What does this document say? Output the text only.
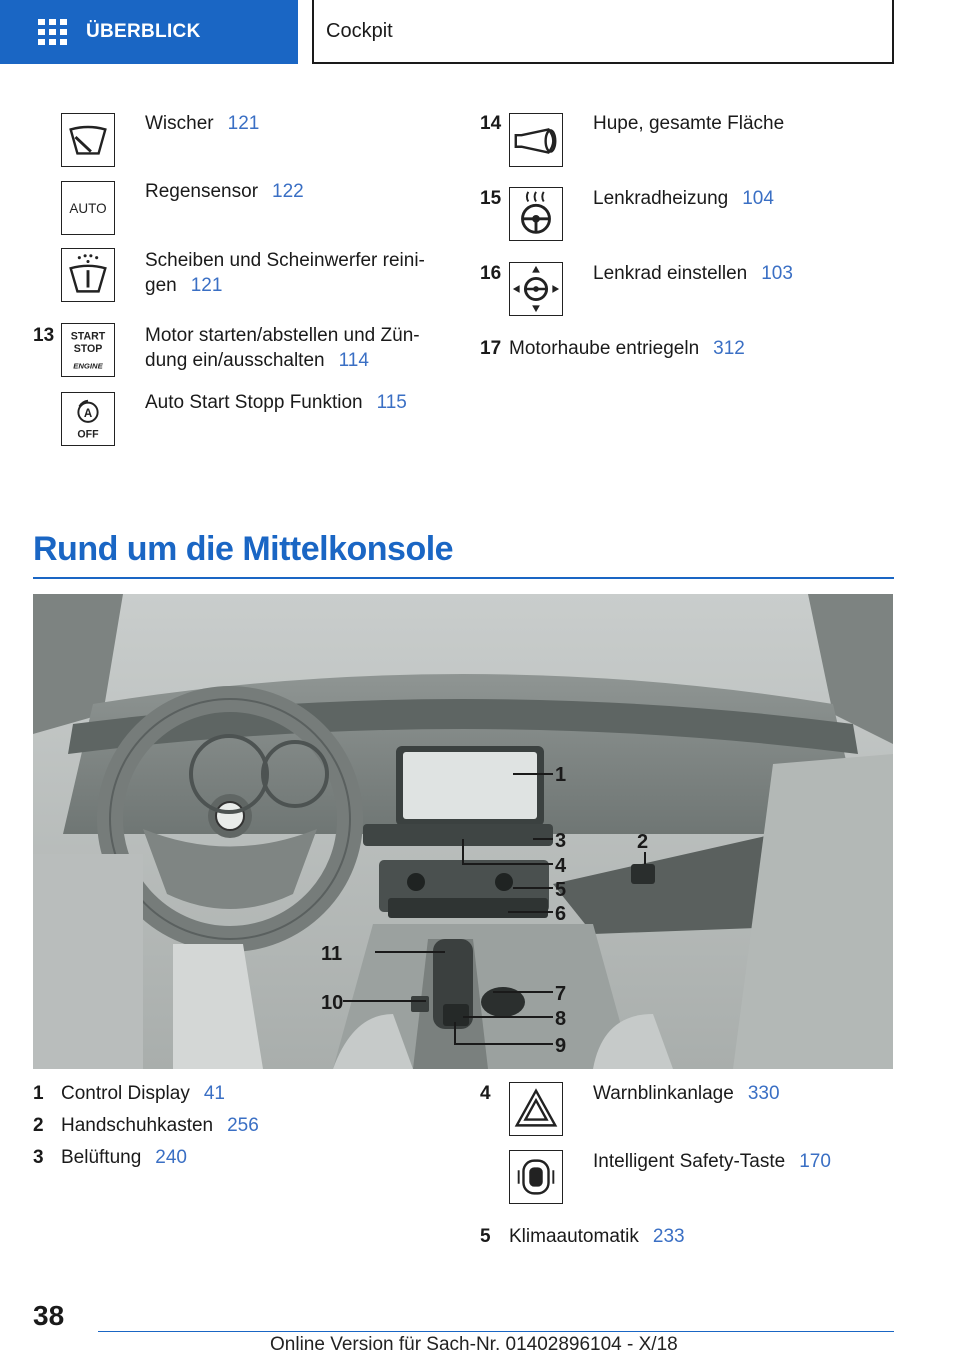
ÜBERBLICK	Cockpit
Wischer 121
AUTO
Regensensor 122
Scheiben und Scheinwerfer reini-
gen 121
13 START
STOP
ENGINE
Motor starten/abstellen und Zün-
dung ein/ausschalten 114
A
OFF
Auto Start Stopp Funktion 115
14	Hupe, gesamte Fläche
15	Lenkradheizung 104
16	Lenkrad einstellen 103
17 Motorhaube entriegeln 312
Rund um die Mittelkonsole
1
2
3
4
5
6
7
8
9
10
11
1 Control Display 41
2 Handschuhkasten 256
3 Belüftung 240
4	Warnblinkanlage 330
Intelligent Safety-Taste 170
5 Klimaautomatik 233
38
Online Version für Sach-Nr. 01402896104 - X/18
